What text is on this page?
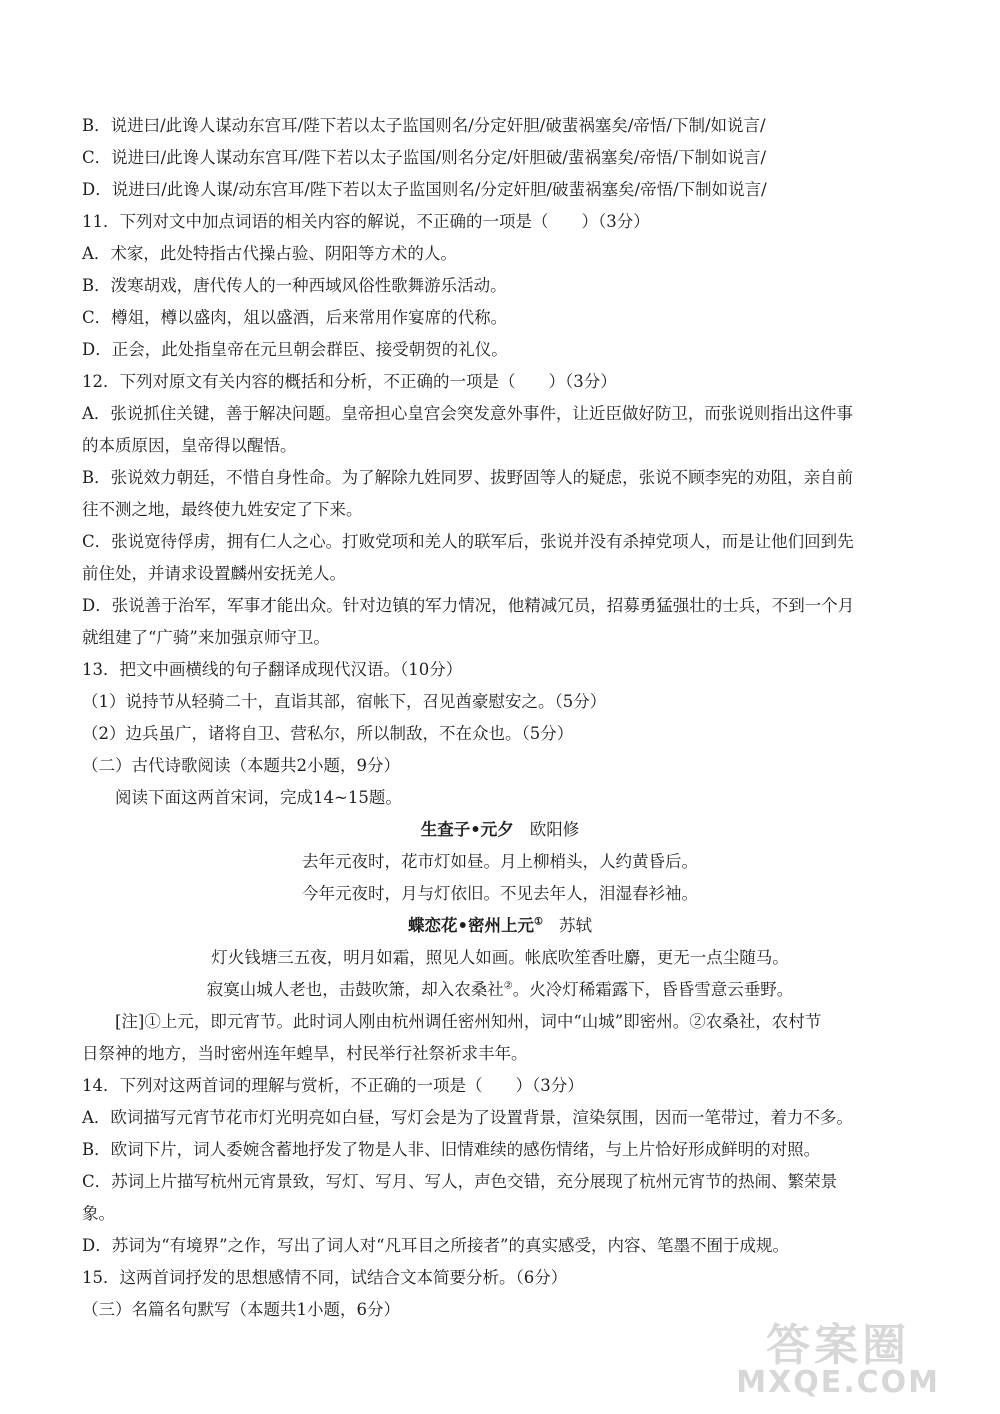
B．说进曰/此谗人谋动东宫耳/陛下若以太子监国则名/分定奸胆/破蜚祸塞矣/帝悟/下制/如说言/
C．说进曰/此谗人谋动东宫耳/陛下若以太子监国/则名分定/奸胆破/蜚祸塞矣/帝悟/下制如说言/
D．说进曰/此谗人谋/动东宫耳/陛下若以太子监国则名/分定奸胆/破蜚祸塞矣/帝悟/下制如说言/
11．下列对文中加点词语的相关内容的解说，不正确的一项是（　　）（3分）
A．术家，此处特指古代操占验、阴阳等方术的人。
B．泼寒胡戏，唐代传人的一种西域风俗性歌舞游乐活动。
C．樽俎，樽以盛肉，俎以盛酒，后来常用作宴席的代称。
D．正会，此处指皇帝在元旦朝会群臣、接受朝贺的礼仪。
12．下列对原文有关内容的概括和分析，不正确的一项是（　　）（3分）
A．张说抓住关键，善于解决问题。皇帝担心皇宫会突发意外事件，让近臣做好防卫，而张说则指出这件事
的本质原因，皇帝得以醒悟。
B．张说效力朝廷，不惜自身性命。为了解除九姓同罗、拔野固等人的疑虑，张说不顾李宪的劝阻，亲自前
往不测之地，最终使九姓安定了下来。
C．张说宽待俘虏，拥有仁人之心。打败党项和羌人的联军后，张说并没有杀掉党项人，而是让他们回到先
前住处，并请求设置麟州安抚羌人。
D．张说善于治军，军事才能出众。针对边镇的军力情况，他精减冗员，招募勇猛强壮的士兵，不到一个月
就组建了“广骑”来加强京师守卫。
13．把文中画横线的句子翻译成现代汉语。（10分）
（1）说持节从轻骑二十，直诣其部，宿帐下，召见酋豪慰安之。（5分）
（2）边兵虽广，诸将自卫、营私尔，所以制敌，不在众也。（5分）
（二）古代诗歌阅读（本题共2小题，9分）
　　阅读下面这两首宋词，完成14~15题。
生查子•元夕 欧阳修
去年元夜时，花市灯如昼。月上柳梢头，人约黄昏后。
今年元夜时，月与灯依旧。不见去年人，泪湿春衫袖。
蝶恋花•密州上元① 苏轼
灯火钱塘三五夜，明月如霜，照见人如画。帐底吹笙香吐麝，更无一点尘随马。
寂寞山城人老也，击鼓吹箫，却入农桑社②。火冷灯稀霜露下，昏昏雪意云垂野。
　　[注]①上元，即元宵节。此时词人刚由杭州调任密州知州，词中“山城”即密州。②农桑社，农村节
日祭神的地方，当时密州连年蝗旱，村民举行社祭祈求丰年。
14．下列对这两首词的理解与赏析，不正确的一项是（　　）（3分）
A．欧词描写元宵节花市灯光明亮如白昼，写灯会是为了设置背景，渲染氛围，因而一笔带过，着力不多。
B．欧词下片，词人委婉含蓄地抒发了物是人非、旧情难续的感伤情绪，与上片恰好形成鲜明的对照。
C．苏词上片描写杭州元宵景致，写灯、写月、写人，声色交错，充分展现了杭州元宵节的热闹、繁荣景
象。
D．苏词为“有境界”之作，写出了词人对“凡耳目之所接者”的真实感受，内容、笔墨不囿于成规。
15．这两首词抒发的思想感情不同，试结合文本简要分析。（6分）
（三）名篇名句默写（本题共1小题，6分）
答案圈
MXQE.COM
